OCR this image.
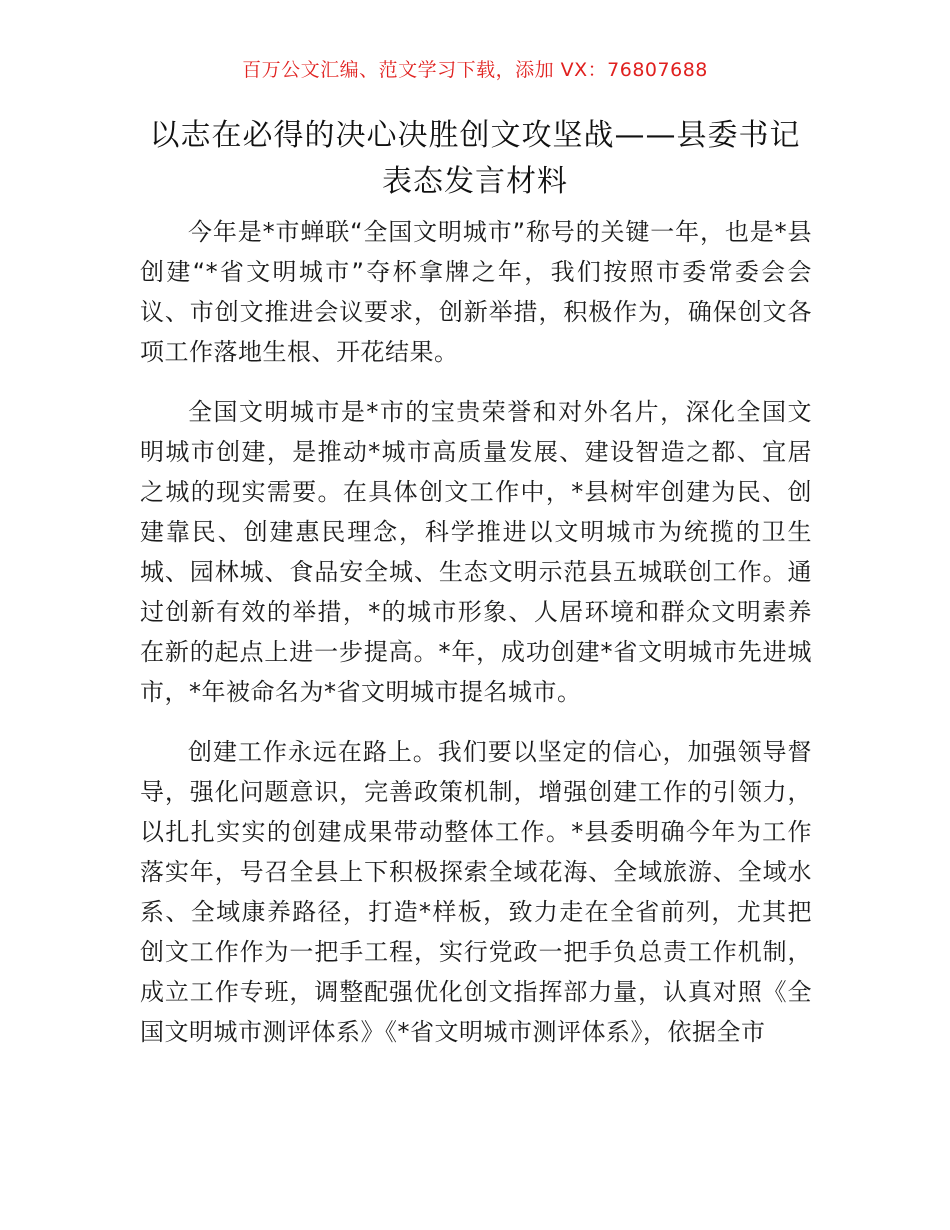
百万公文汇编、范文学习下载，添加 VX：76807688
以志在必得的决心决胜创文攻坚战——县委书记表态发言材料

今年是*市蝉联“全国文明城市”称号的关键一年，也是*县创建“*省文明城市”夺杯拿牌之年，我们按照市委常委会会议、市创文推进会议要求，创新举措，积极作为，确保创文各项工作落地生根、开花结果。

全国文明城市是*市的宝贵荣誉和对外名片，深化全国文明城市创建，是推动*城市高质量发展、建设智造之都、宜居之城的现实需要。在具体创文工作中，*县树牢创建为民、创建靠民、创建惠民理念，科学推进以文明城市为统揽的卫生城、园林城、食品安全城、生态文明示范县五城联创工作。通过创新有效的举措，*的城市形象、人居环境和群众文明素养在新的起点上进一步提高。*年，成功创建*省文明城市先进城市，*年被命名为*省文明城市提名城市。

创建工作永远在路上。我们要以坚定的信心，加强领导督导，强化问题意识，完善政策机制，增强创建工作的引领力，以扎扎实实的创建成果带动整体工作。*县委明确今年为工作落实年，号召全县上下积极探索全域花海、全域旅游、全域水系、全域康养路径，打造*样板，致力走在全省前列，尤其把创文工作作为一把手工程，实行党政一把手负总责工作机制，成立工作专班，调整配强优化创文指挥部力量，认真对照《全国文明城市测评体系》《*省文明城市测评体系》，依据全市
